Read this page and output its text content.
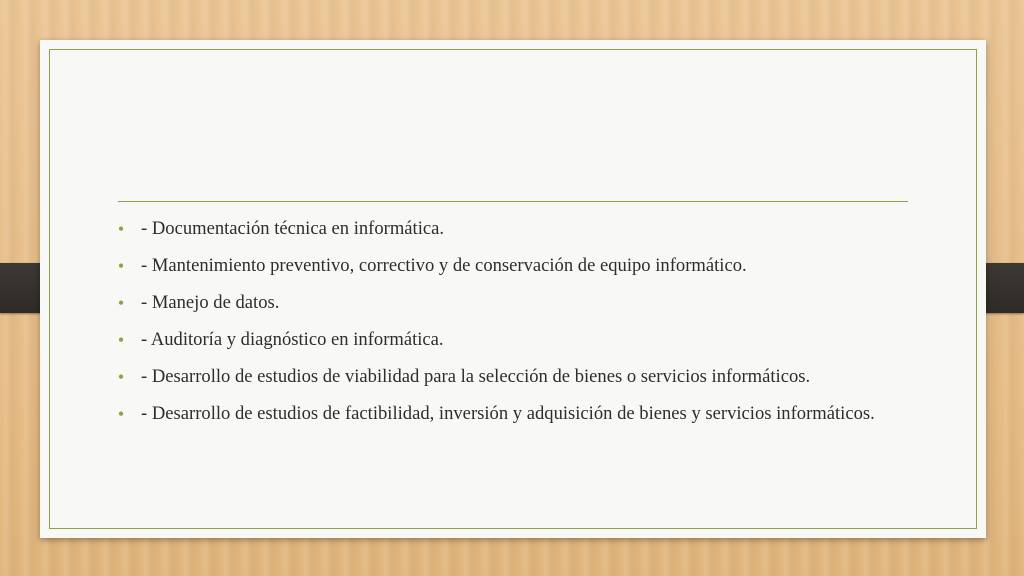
• - Documentación técnica en informática.
• - Mantenimiento preventivo, correctivo y de conservación de equipo informático.
• - Manejo de datos.
• - Auditoría y diagnóstico en informática.
• - Desarrollo de estudios de viabilidad para la selección de bienes o servicios informáticos.
• - Desarrollo de estudios de factibilidad, inversión y adquisición de bienes y servicios informáticos.
